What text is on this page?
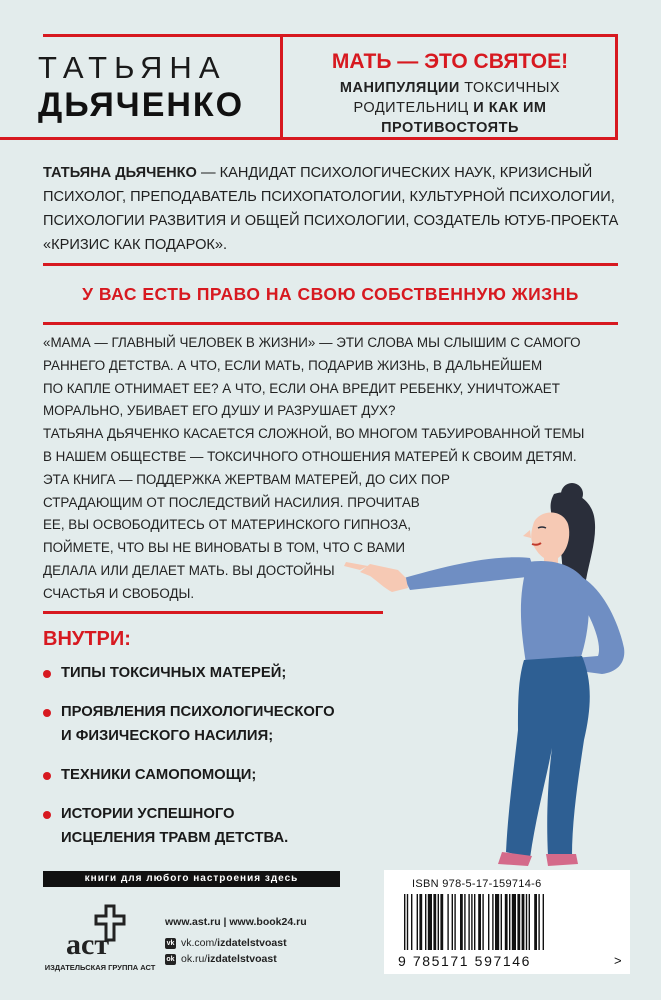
ТАТЬЯНА
ДЬЯЧЕНКО
МАТЬ — ЭТО СВЯТОЕ!
МАНИПУЛЯЦИИ ТОКСИЧНЫХ
РОДИТЕЛЬНИЦ И КАК ИМ
ПРОТИВОСТОЯТЬ
ТАТЬЯНА ДЬЯЧЕНКО — КАНДИДАТ ПСИХОЛОГИЧЕСКИХ НАУК, КРИЗИСНЫЙ
ПСИХОЛОГ, ПРЕПОДАВАТЕЛЬ ПСИХОПАТОЛОГИИ, КУЛЬТУРНОЙ ПСИХОЛОГИИ,
ПСИХОЛОГИИ РАЗВИТИЯ И ОБЩЕЙ ПСИХОЛОГИИ, СОЗДАТЕЛЬ ЮТУБ-ПРОЕКТА
«КРИЗИС КАК ПОДАРОК».
У ВАС ЕСТЬ ПРАВО НА СВОЮ СОБСТВЕННУЮ ЖИЗНЬ
«МАМА — ГЛАВНЫЙ ЧЕЛОВЕК В ЖИЗНИ» — ЭТИ СЛОВА МЫ СЛЫШИМ С САМОГО
РАННЕГО ДЕТСТВА. А ЧТО, ЕСЛИ МАТЬ, ПОДАРИВ ЖИЗНЬ, В ДАЛЬНЕЙШЕМ
ПО КАПЛЕ ОТНИМАЕТ ЕЕ? А ЧТО, ЕСЛИ ОНА ВРЕДИТ РЕБЕНКУ, УНИЧТОЖАЕТ
МОРАЛЬНО, УБИВАЕТ ЕГО ДУШУ И РАЗРУШАЕТ ДУХ?
ТАТЬЯНА ДЬЯЧЕНКО КАСАЕТСЯ СЛОЖНОЙ, ВО МНОГОМ ТАБУИРОВАННОЙ ТЕМЫ
В НАШЕМ ОБЩЕСТВЕ — ТОКСИЧНОГО ОТНОШЕНИЯ МАТЕРЕЙ К СВОИМ ДЕТЯМ.
ЭТА КНИГА — ПОДДЕРЖКА ЖЕРТВАМ МАТЕРЕЙ, ДО СИХ ПОР
СТРАДАЮЩИМ ОТ ПОСЛЕДСТВИЙ НАСИЛИЯ. ПРОЧИТАВ
ЕЕ, ВЫ ОСВОБОДИТЕСЬ ОТ МАТЕРИНСКОГО ГИПНОЗА,
ПОЙМЕТЕ, ЧТО ВЫ НЕ ВИНОВАТЫ В ТОМ, ЧТО С ВАМИ
ДЕЛАЛА ИЛИ ДЕЛАЕТ МАТЬ. ВЫ ДОСТОЙНЫ
СЧАСТЬЯ И СВОБОДЫ.
ВНУТРИ:
ТИПЫ ТОКСИЧНЫХ МАТЕРЕЙ;
ПРОЯВЛЕНИЯ ПСИХОЛОГИЧЕСКОГО
И ФИЗИЧЕСКОГО НАСИЛИЯ;
ТЕХНИКИ САМОПОМОЩИ;
ИСТОРИИ УСПЕШНОГО
ИСЦЕЛЕНИЯ ТРАВМ ДЕТСТВА.
книги для любого настроения здесь
аст
ИЗДАТЕЛЬСКАЯ ГРУППА АСТ
www.ast.ru | www.book24.ru
vk vk.com/izdatelstvoast
ok ok.ru/izdatelstvoast
ISBN 978-5-17-159714-6
9 785171 597146	>
